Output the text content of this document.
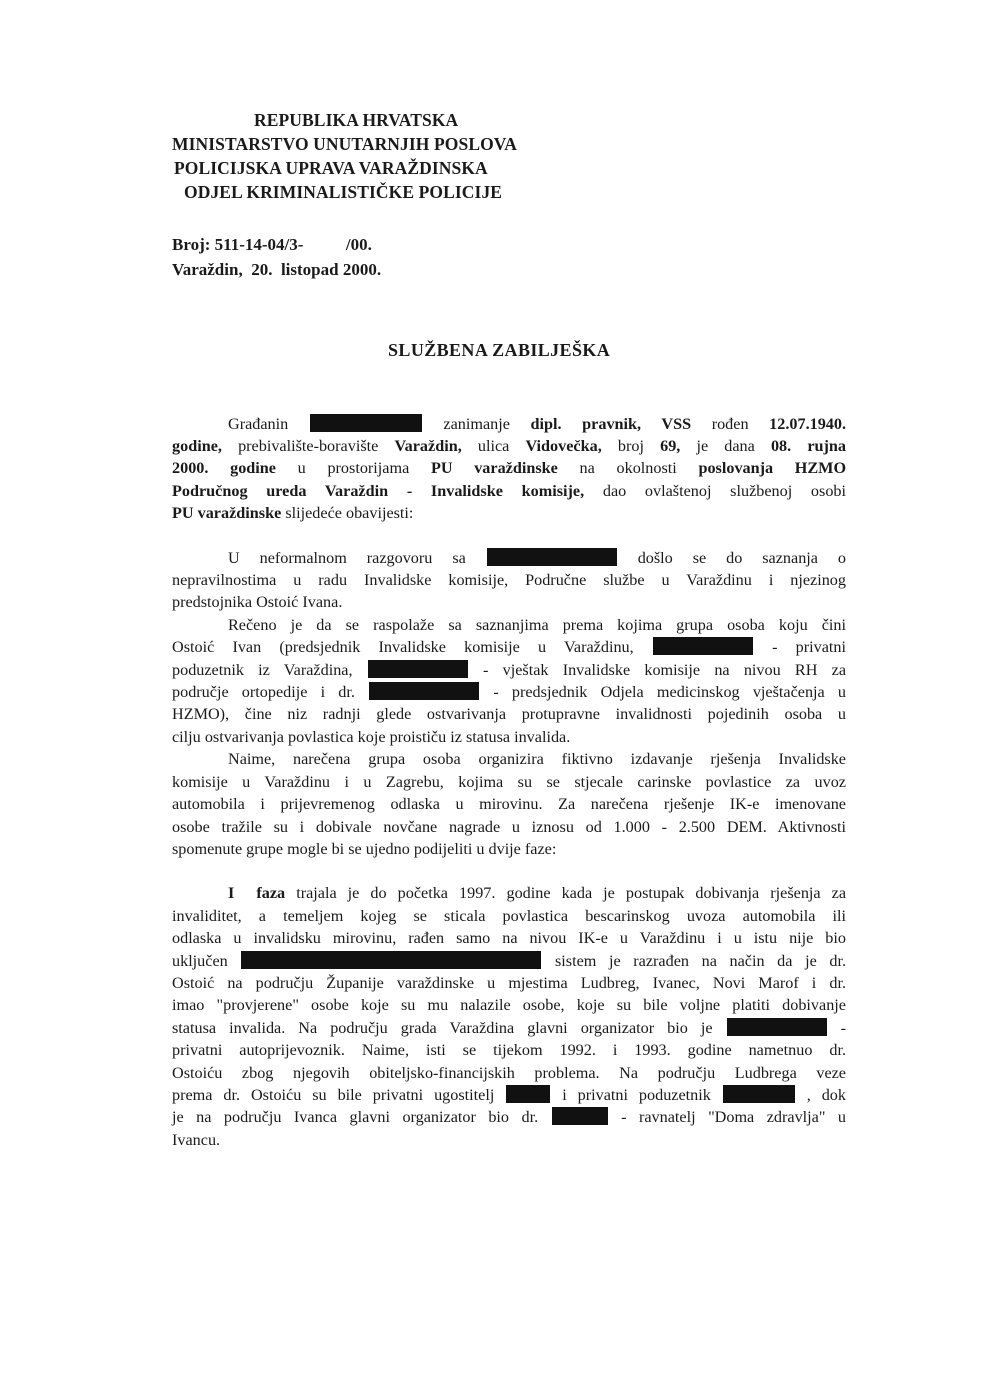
REPUBLIKA HRVATSKA
MINISTARSTVO UNUTARNJIH POSLOVA
POLICIJSKA UPRAVA VARAŽDINSKA
ODJEL KRIMINALISTIČKE POLICIJE
Broj: 511-14-04/3-          /00.
Varaždin,  20.  listopad 2000.
SLUŽBENA ZABILJEŠKA
Građanin	zanimanje dipl. pravnik, VSS rođen 12.07.1940.
godine, prebivalište-boravište Varaždin, ulica Vidovečka, broj 69, je dana 08. rujna
2000. godine u prostorijama PU varaždinske na okolnosti poslovanja HZMO
Područnog ureda Varaždin - Invalidske komisije, dao ovlaštenoj službenoj osobi
PU varaždinske slijedeće obavijesti:
U neformalnom razgovoru sa	došlo se do saznanja o
nepravilnostima u radu Invalidske komisije, Područne službe u Varaždinu i njezinog
predstojnika Ostoić Ivana.
Rečeno je da se raspolaže sa saznanjima prema kojima grupa osoba koju čini
Ostoić Ivan (predsjednik Invalidske komisije u Varaždinu,	- privatni
poduzetnik iz Varaždina,	- vještak Invalidske komisije na nivou RH za
područje ortopedije i dr.	- predsjednik Odjela medicinskog vještačenja u
HZMO), čine niz radnji glede ostvarivanja protupravne invalidnosti pojedinih osoba u
cilju ostvarivanja povlastica koje proističu iz statusa invalida.
Naime, narečena grupa osoba organizira fiktivno izdavanje rješenja Invalidske
komisije u Varaždinu i u Zagrebu, kojima su se stjecale carinske povlastice za uvoz
automobila i prijevremenog odlaska u mirovinu. Za narečena rješenje IK-e imenovane
osobe tražile su i dobivale novčane nagrade u iznosu od 1.000 - 2.500 DEM. Aktivnosti
spomenute grupe mogle bi se ujedno podijeliti u dvije faze:
I  faza trajala je do početka 1997. godine kada je postupak dobivanja rješenja za
invaliditet, a temeljem kojeg se sticala povlastica bescarinskog uvoza automobila ili
odlaska u invalidsku mirovinu, rađen samo na nivou IK-e u Varaždinu i u istu nije bio
uključen	sistem je razrađen na način da je dr.
Ostoić na području Županije varaždinske u mjestima Ludbreg, Ivanec, Novi Marof i dr.
imao "provjerene" osobe koje su mu nalazile osobe, koje su bile voljne platiti dobivanje
statusa invalida. Na području grada Varaždina glavni organizator bio je	-
privatni autoprijevoznik. Naime, isti se tijekom 1992. i 1993. godine nametnuo dr.
Ostoiću zbog njegovih obiteljsko-financijskih problema. Na području Ludbrega veze
prema dr. Ostoiću su bile privatni ugostitelj	i privatni poduzetnik	, dok
je na području Ivanca glavni organizator bio dr.	- ravnatelj "Doma zdravlja" u
Ivancu.
